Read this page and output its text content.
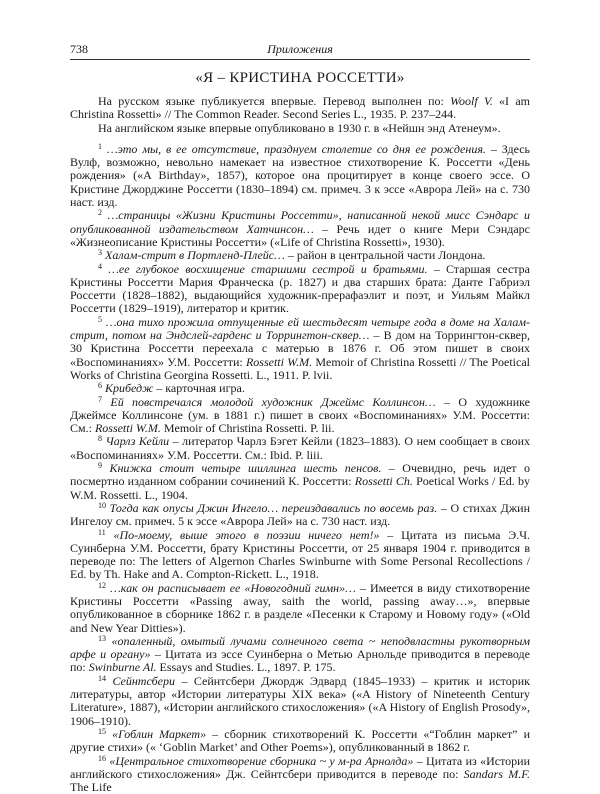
738	Приложения
«Я – КРИСТИНА РОССЕТТИ»

На русском языке публикуется впервые. Перевод выполнен по: Woolf V. «I am Christina Rossetti» // The Common Reader. Second Series L., 1935. P. 237–244.

На английском языке впервые опубликовано в 1930 г. в «Нейшн энд Атенеум».

$^1$ …это мы, в ее отсутствие, празднуем столетие со дня ее рождения. – Здесь Вулф, возможно, невольно намекает на известное стихотворение К. Россетти «День рождения» («A Birthday», 1857), которое она процитирует в конце своего эссе. О Кристине Джорджине Россетти (1830–1894) см. примеч. 3 к эссе «Аврора Лей» на с. 730 наст. изд.

$^2$ …страницы «Жизни Кристины Россетти», написанной некой мисс Сэндарс и опубликованной издательством Хатчинсон… – Речь идет о книге Мери Сэндарс «Жизнеописание Кристины Россетти» («Life of Christina Rossetti», 1930).

$^3$ Халам-стрит в Портленд-Плейс… – район в центральной части Лондона.

$^4$ …ее глубокое восхищение старшими сестрой и братьями. – Старшая сестра Кристины Россетти Мария Франческа (р. 1827) и два старших брата: Данте Габриэл Россетти (1828–1882), выдающийся художник-прерафаэлит и поэт, и Уильям Майкл Россетти (1829–1919), литератор и критик.

$^5$ …она тихо прожила отпущенные ей шестьдесят четыре года в доме на Халам-стрит, потом на Эндслей-гарденс и Торрингтон-сквер… – В дом на Торрингтон-сквер, 30 Кристина Россетти переехала с матерью в 1876 г. Об этом пишет в своих «Воспоминаниях» У.М. Россетти: Rossetti W.M. Memoir of Christina Rossetti // The Poetical Works of Christina Georgina Rossetti. L., 1911. P. lvii.

$^6$ Крибедж – карточная игра.

$^7$ Ей повстречался молодой художник Джеймс Коллинсон… – О художнике Джеймсе Коллинсоне (ум. в 1881 г.) пишет в своих «Воспоминаниях» У.М. Россетти: См.: Rossetti W.M. Memoir of Christina Rossetti. P. lii.

$^8$ Чарлз Кейли – литератор Чарлз Бэгет Кейли (1823–1883). О нем сообщает в своих «Воспоминаниях» У.М. Россетти. См.: Ibid. P. liii.

$^9$ Книжка стоит четыре шиллинга шесть пенсов. – Очевидно, речь идет о посмертно изданном собрании сочинений К. Россетти: Rossetti Ch. Poetical Works / Ed. by W.M. Rossetti. L., 1904.

$^{10}$ Тогда как опусы Джин Ингело… переиздавались по восемь раз. – О стихах Джин Ингелоу см. примеч. 5 к эссе «Аврора Лей» на с. 730 наст. изд.

$^{11}$ «По-моему, выше этого в поэзии ничего нет!» – Цитата из письма Э.Ч. Суинберна У.М. Россетти, брату Кристины Россетти, от 25 января 1904 г. приводится в переводе по: The letters of Algernon Charles Swinburne with Some Personal Recollections / Ed. by Th. Hake and A. Compton-Rickett. L., 1918.

$^{12}$ …как он расписывает ее «Новогодний гимн»… – Имеется в виду стихотворение Кристины Россетти «Passing away, saith the world, passing away…», впервые опубликованное в сборнике 1862 г. в разделе «Песенки к Старому и Новому году» («Old and New Year Ditties»).

$^{13}$ «опаленный, омытый лучами солнечного света ~ неподвластны рукотворным арфе и органу» – Цитата из эссе Суинберна о Метью Арнольде приводится в переводе по: Swinburne Al. Essays and Studies. L., 1897. P. 175.

$^{14}$ Сейнтсбери – Сейнтсбери Джордж Эдвард (1845–1933) – критик и историк литературы, автор «Истории литературы XIX века» («A History of Nineteenth Century Literature», 1887), «Истории английского стихосложения» («A History of English Prosody», 1906–1910).

$^{15}$ «Гоблин Маркет» – сборник стихотворений К. Россетти «“Гоблин маркет” и другие стихи» (« ‘Goblin Market’ and Other Poems»), опубликованный в 1862 г.

$^{16}$ «Центральное стихотворение сборника ~ у м-ра Арнолда» – Цитата из «Истории английского стихосложения» Дж. Сейнтсбери приводится в переводе по: Sandars M.F. The Life
